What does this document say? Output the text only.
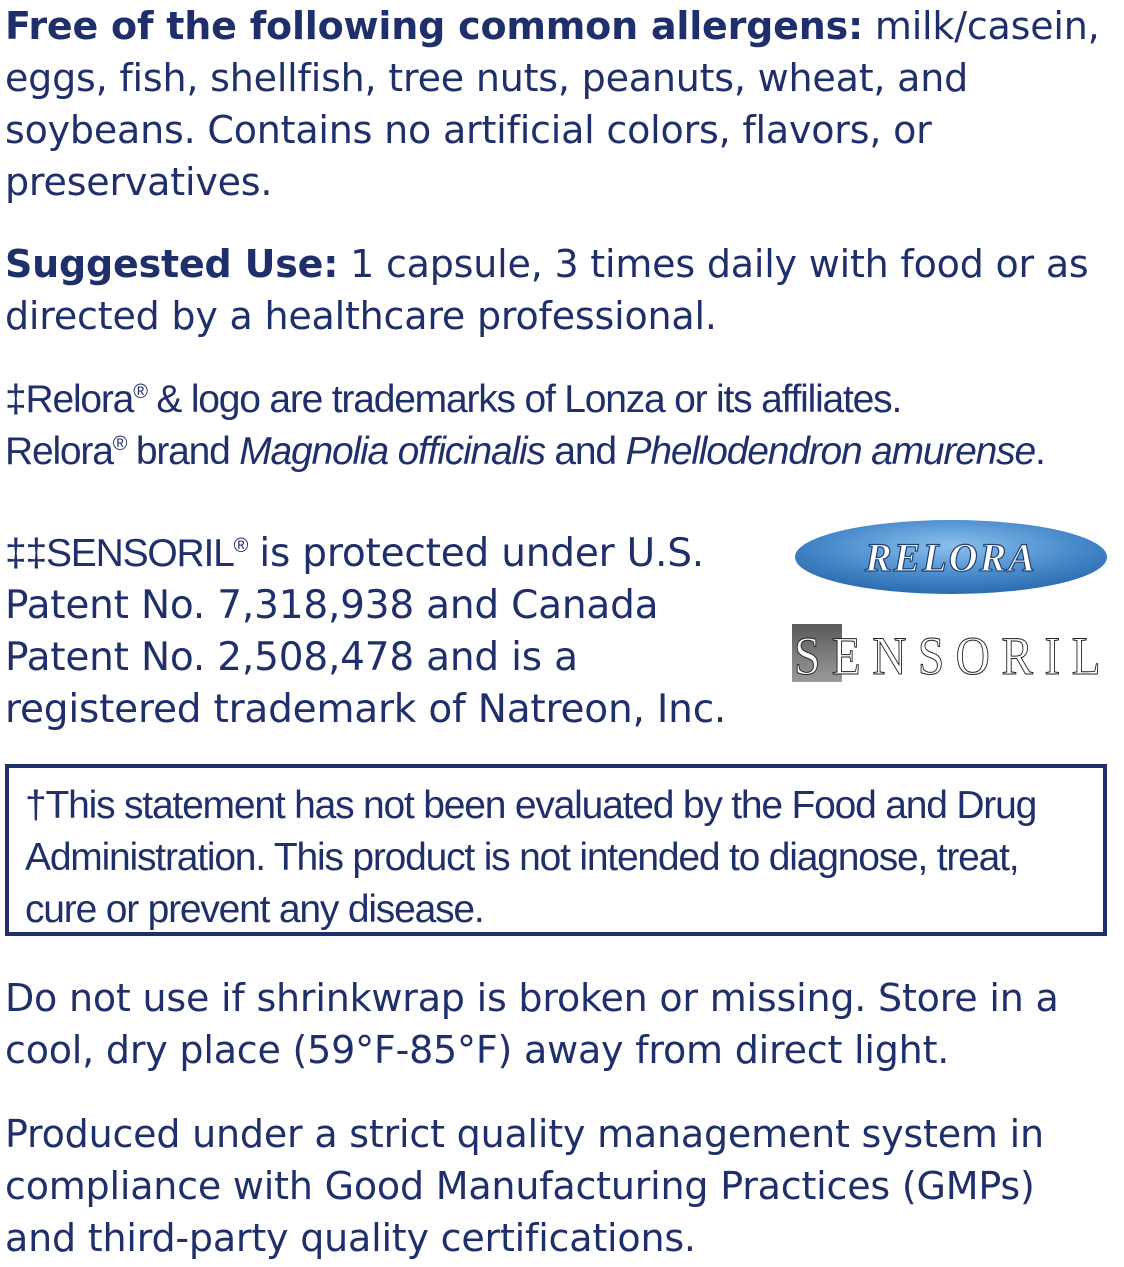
Free of the following common allergens: milk/casein, eggs, fish, shellfish, tree nuts, peanuts, wheat, and soybeans. Contains no artificial colors, flavors, or preservatives.

Suggested Use: 1 capsule, 3 times daily with food or as directed by a healthcare professional.

‡Relora® & logo are trademarks of Lonza or its affiliates.
Relora® brand Magnolia officinalis and Phellodendron amurense.

‡‡SENSORIL® is protected under U.S. Patent No. 7,318,938 and Canada Patent No. 2,508,478 and is a registered trademark of Natreon, Inc.

RELORA
SENSORIL
†This statement has not been evaluated by the Food and Drug Administration. This product is not intended to diagnose, treat, cure or prevent any disease.

Do not use if shrinkwrap is broken or missing. Store in a cool, dry place (59°F-85°F) away from direct light.

Produced under a strict quality management system in compliance with Good Manufacturing Practices (GMPs) and third-party quality certifications.
